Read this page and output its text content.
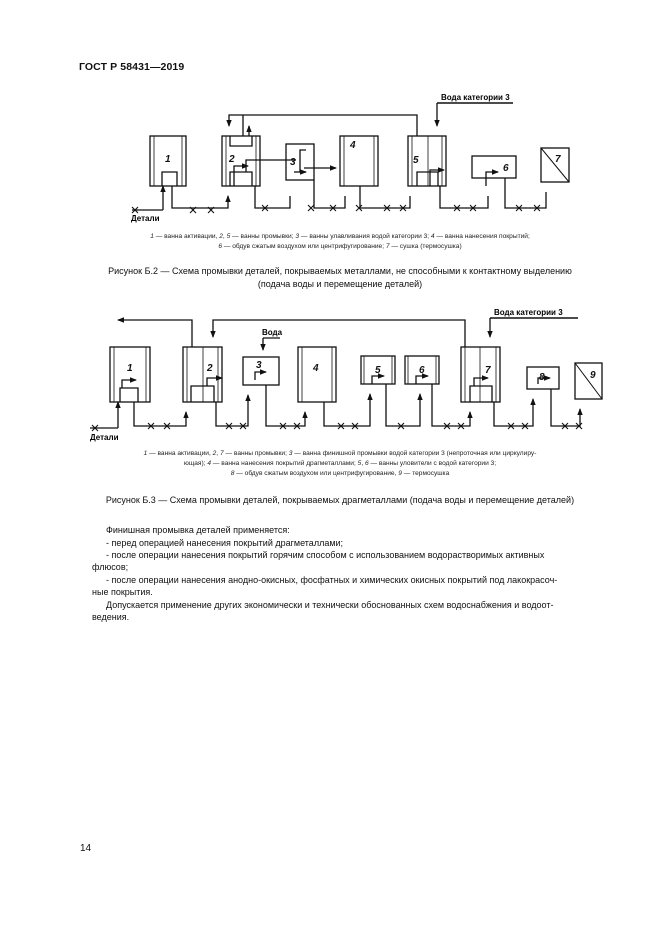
ГОСТ Р 58431—2019
1	2	3
4
5
6
7
Вода категории 3
Детали
1 — ванна активации, 2, 5 — ванны промывки; 3 — ванны улавливания водой категории 3; 4 — ванна нанесения покрытий;
6 — обдув сжатым воздухом или центрифугирование; 7 — сушка (термосушка)
Рисунок Б.2 — Схема промывки деталей, покрываемых металлами, не способными к контактному выделению
(подача воды и перемещение деталей)
1	2	3	4	5	6	7
8	9
Вода
Вода категории 3
Детали
1 — ванна активации, 2, 7 — ванны промывки; 3 — ванна финишной промывки водой категории 3 (непроточная или циркулиру-
ющая); 4 — ванна нанесения покрытий драгметаллами; 5, 6 — ванны уловители с водой категории 3;
8 — обдув сжатым воздухом или центрифугирование, 9 — термосушка
Рисунок Б.3 — Схема промывки деталей, покрываемых драгметаллами (подача воды и перемещение деталей)
Финишная промывка деталей применяется:
- перед операцией нанесения покрытий драгметаллами;
- после операции нанесения покрытий горячим способом с использованием водорастворимых активных
флюсов;
- после операции нанесения анодно-окисных, фосфатных и химических окисных покрытий под лакокрасоч-
ные покрытия.
Допускается применение других экономически и технически обоснованных схем водоснабжения и водоот-
ведения.
14
